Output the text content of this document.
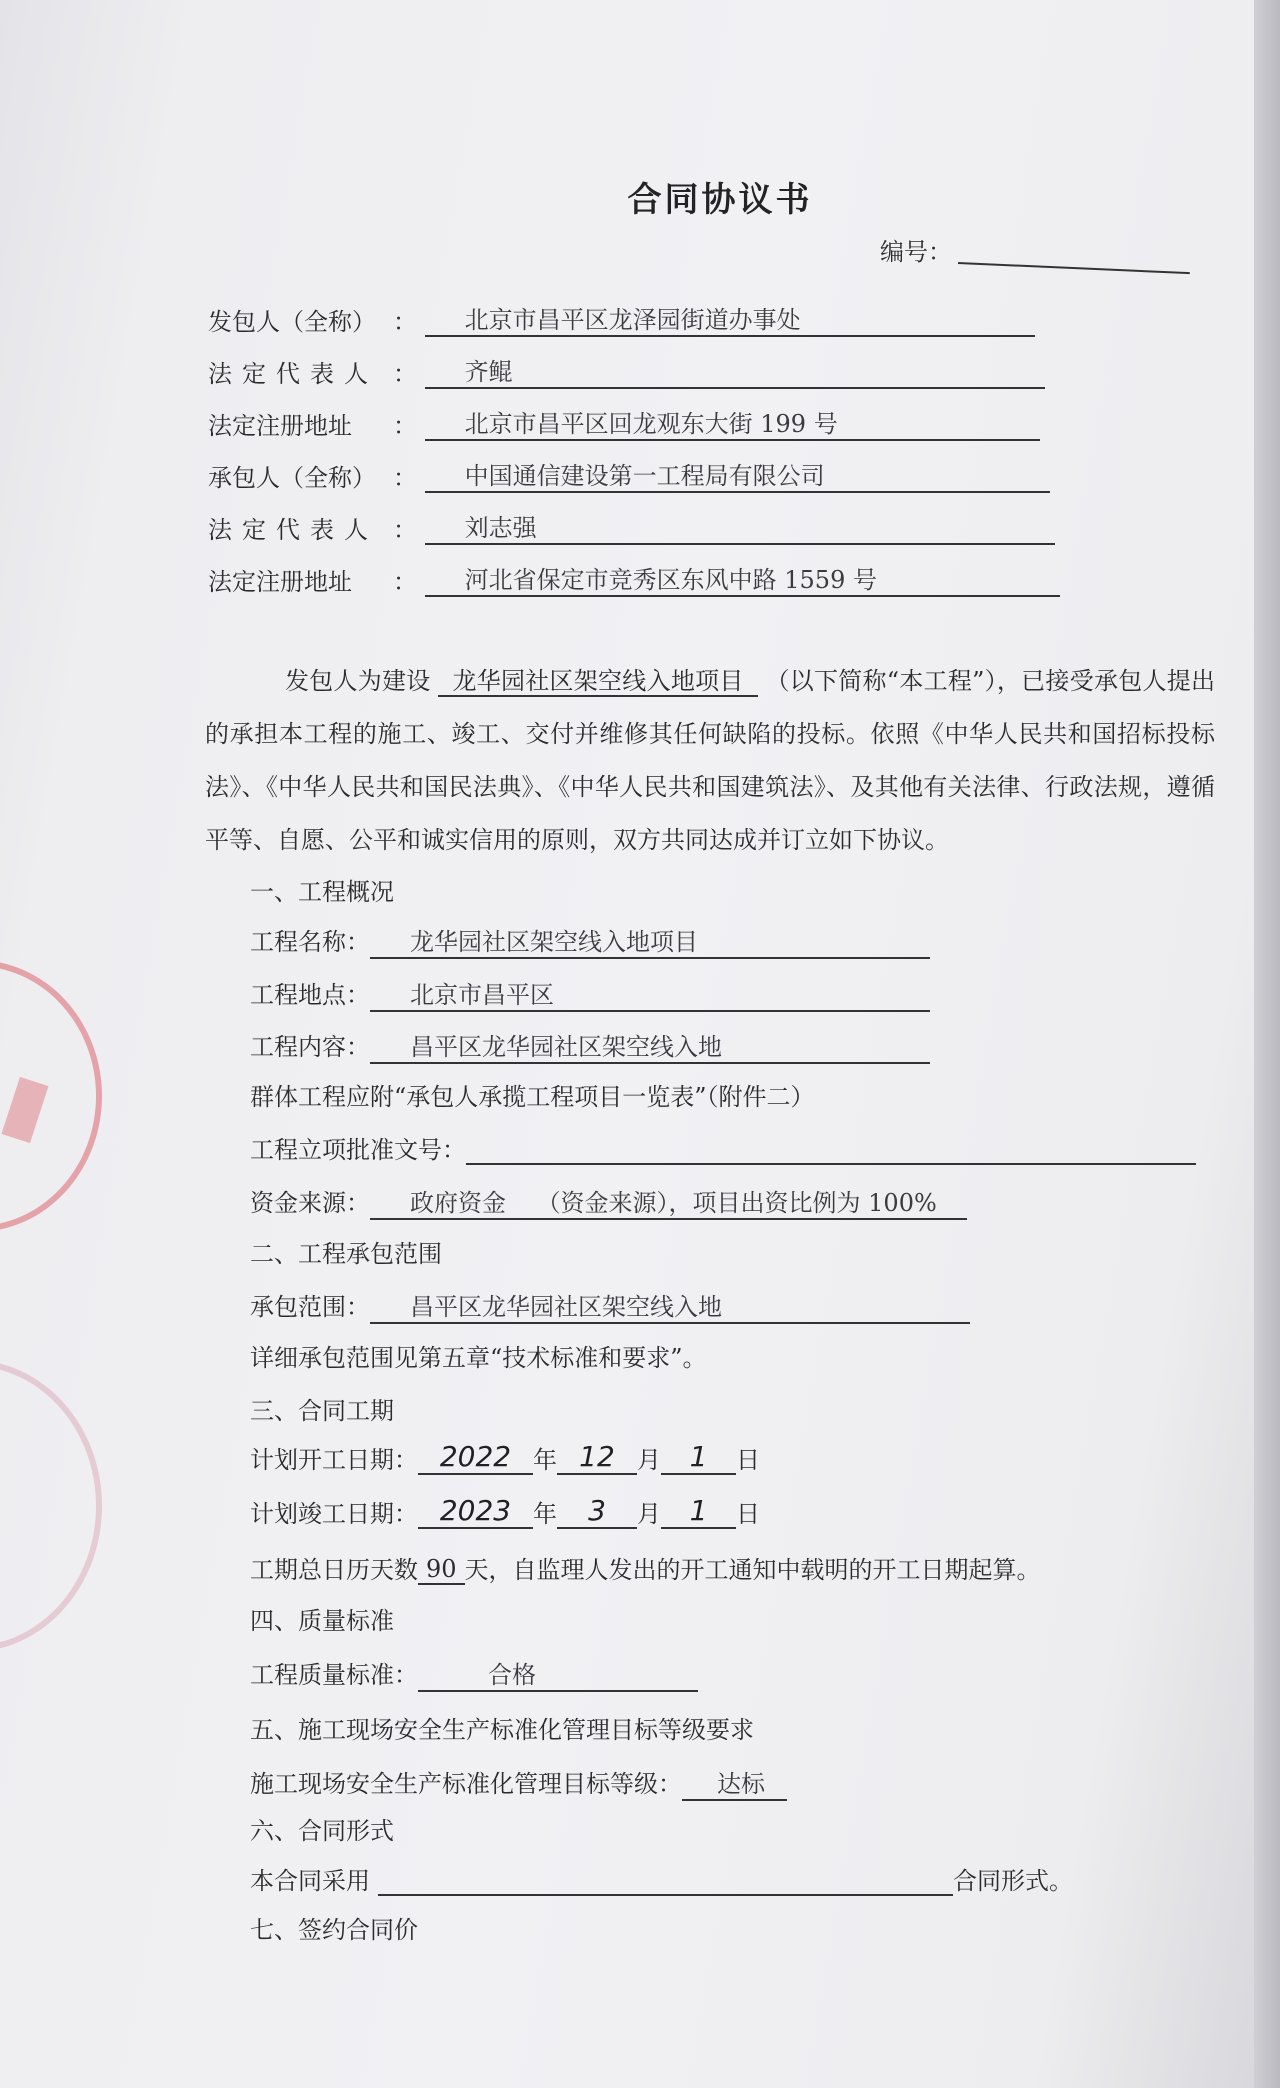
合同协议书
编号：
发包人（全称） ： 北京市昌平区龙泽园街道办事处
法定代表人 ： 齐鲲
法定注册地址 ： 北京市昌平区回龙观东大街 199 号
承包人（全称） ： 中国通信建设第一工程局有限公司
法定代表人 ： 刘志强
法定注册地址 ： 河北省保定市竞秀区东风中路 1559 号
发包人为建设 龙华园社区架空线入地项目 （以下简称“本工程”），已接受承包人提出的承担本工程的施工、竣工、交付并维修其任何缺陷的投标。依照《中华人民共和国招标投标法》、《中华人民共和国民法典》、《中华人民共和国建筑法》、及其他有关法律、行政法规，遵循平等、自愿、公平和诚实信用的原则，双方共同达成并订立如下协议。
一、工程概况
工程名称： 龙华园社区架空线入地项目
工程地点： 北京市昌平区
工程内容： 昌平区龙华园社区架空线入地
群体工程应附“承包人承揽工程项目一览表”（附件二）
工程立项批准文号：
资金来源： 政府资金 （资金来源），项目出资比例为 100%
二、工程承包范围
承包范围： 昌平区龙华园社区架空线入地
详细承包范围见第五章“技术标准和要求”。
三、合同工期
计划开工日期： 2022 年 12 月 1 日
计划竣工日期： 2023 年 3 月 1 日
工期总日历天数 90 天，自监理人发出的开工通知中载明的开工日期起算。
四、质量标准
工程质量标准：	合格
五、施工现场安全生产标准化管理目标等级要求
施工现场安全生产标准化管理目标等级： 达标
六、合同形式
本合同采用	合同形式。
七、签约合同价
